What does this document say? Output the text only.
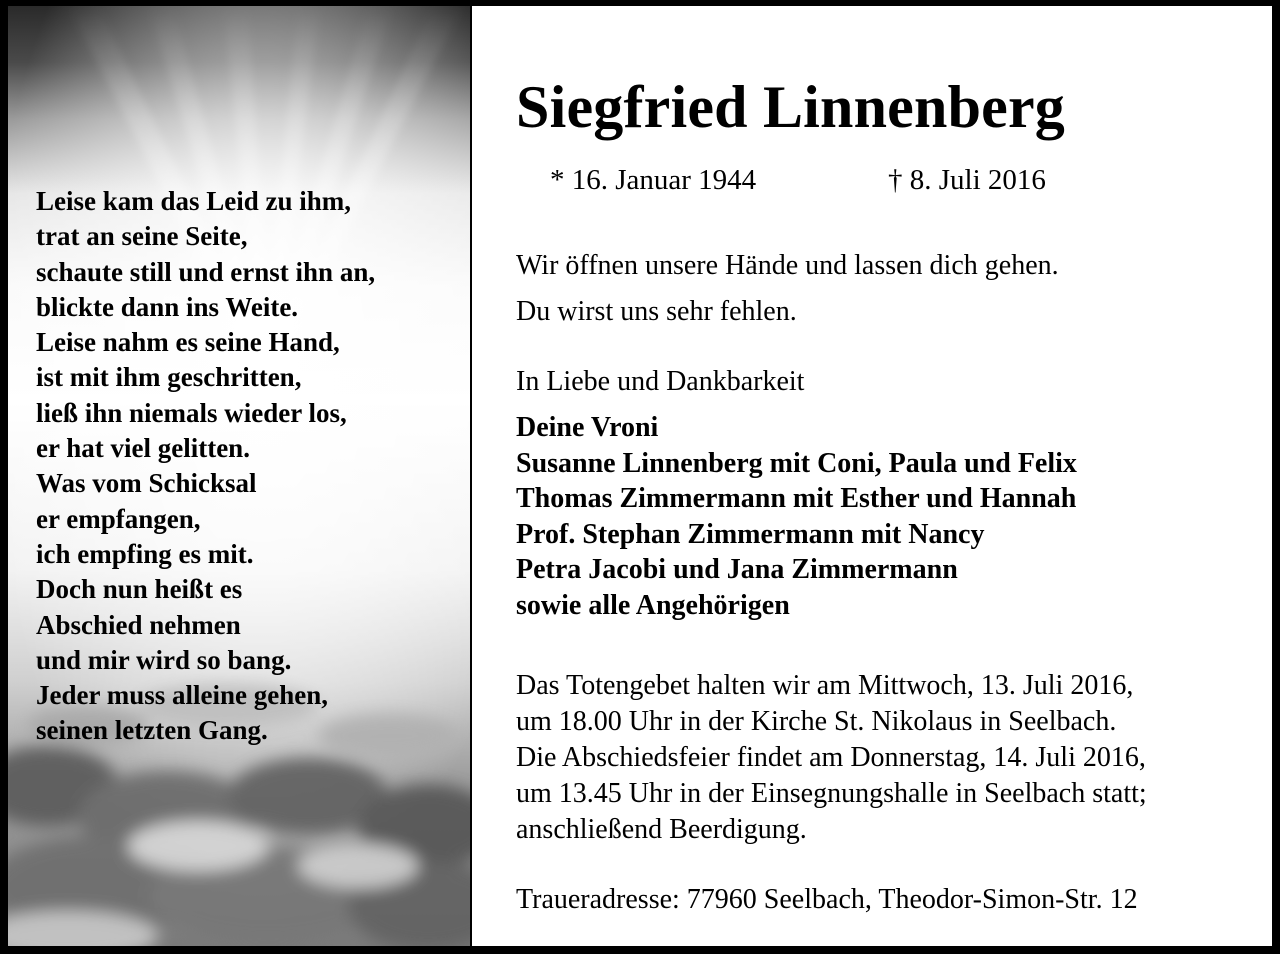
Leise kam das Leid zu ihm,
trat an seine Seite,
schaute still und ernst ihn an,
blickte dann ins Weite.
Leise nahm es seine Hand,
ist mit ihm geschritten,
ließ ihn niemals wieder los,
er hat viel gelitten.
Was vom Schicksal
er empfangen,
ich empfing es mit.
Doch nun heißt es
Abschied nehmen
und mir wird so bang.
Jeder muss alleine gehen,
seinen letzten Gang.
Siegfried Linnenberg
* 16. Januar 1944	† 8. Juli 2016
Wir öffnen unsere Hände und lassen dich gehen.
Du wirst uns sehr fehlen.
In Liebe und Dankbarkeit
Deine Vroni
Susanne Linnenberg mit Coni, Paula und Felix
Thomas Zimmermann mit Esther und Hannah
Prof. Stephan Zimmermann mit Nancy
Petra Jacobi und Jana Zimmermann
sowie alle Angehörigen
Das Totengebet halten wir am Mittwoch, 13. Juli 2016,
um 18.00 Uhr in der Kirche St. Nikolaus in Seelbach.
Die Abschiedsfeier findet am Donnerstag, 14. Juli 2016,
um 13.45 Uhr in der Einsegnungshalle in Seelbach statt;
anschließend Beerdigung.
Traueradresse: 77960 Seelbach, Theodor-Simon-Str. 12
